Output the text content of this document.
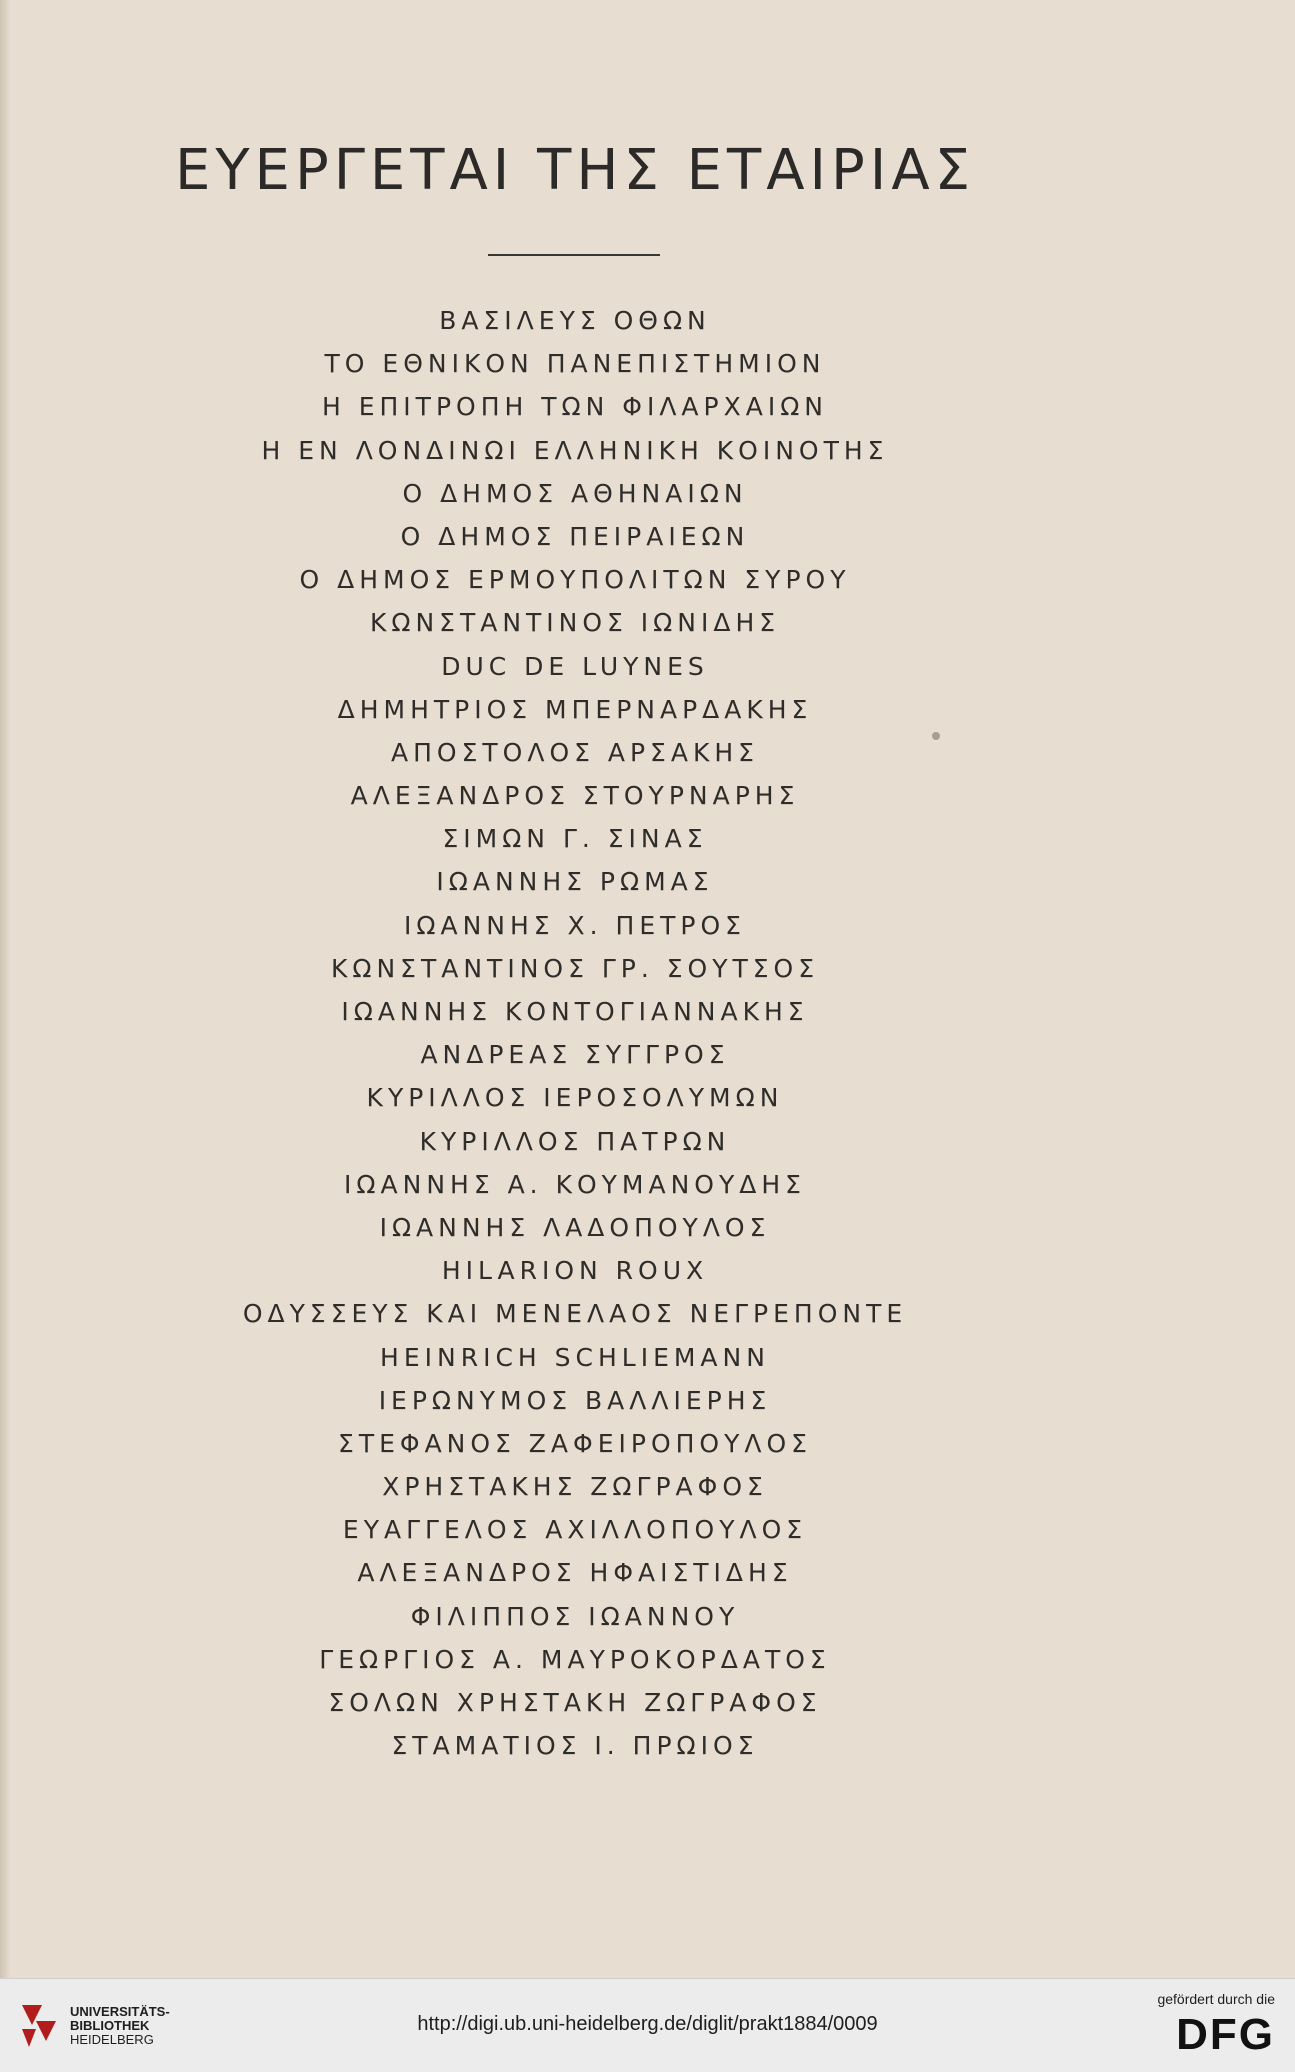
ΕΥΕΡΓΕΤΑΙ ΤΗΣ ΕΤΑΙΡΙΑΣ
ΒΑΣΙΛΕΥΣ ΟΘΩΝ
ΤΟ ΕΘΝΙΚΟΝ ΠΑΝΕΠΙΣΤΗΜΙΟΝ
Η ΕΠΙΤΡΟΠΗ ΤΩΝ ΦΙΛΑΡΧΑΙΩΝ
Η ΕΝ ΛΟΝΔΙΝΩΙ ΕΛΛΗΝΙΚΗ ΚΟΙΝΟΤΗΣ
Ο ΔΗΜΟΣ ΑΘΗΝΑΙΩΝ
Ο ΔΗΜΟΣ ΠΕΙΡΑΙΕΩΝ
Ο ΔΗΜΟΣ ΕΡΜΟΥΠΟΛΙΤΩΝ ΣΥΡΟΥ
ΚΩΝΣΤΑΝΤΙΝΟΣ ΙΩΝΙΔΗΣ
DUC DE LUYNES
ΔΗΜΗΤΡΙΟΣ ΜΠΕΡΝΑΡΔΑΚΗΣ
ΑΠΟΣΤΟΛΟΣ ΑΡΣΑΚΗΣ
ΑΛΕΞΑΝΔΡΟΣ ΣΤΟΥΡΝΑΡΗΣ
ΣΙΜΩΝ Γ. ΣΙΝΑΣ
ΙΩΑΝΝΗΣ ΡΩΜΑΣ
ΙΩΑΝΝΗΣ Χ. ΠΕΤΡΟΣ
ΚΩΝΣΤΑΝΤΙΝΟΣ ΓΡ. ΣΟΥΤΣΟΣ
ΙΩΑΝΝΗΣ ΚΟΝΤΟΓΙΑΝΝΑΚΗΣ
ΑΝΔΡΕΑΣ ΣΥΓΓΡΟΣ
ΚΥΡΙΛΛΟΣ ΙΕΡΟΣΟΛΥΜΩΝ
ΚΥΡΙΛΛΟΣ ΠΑΤΡΩΝ
ΙΩΑΝΝΗΣ Α. ΚΟΥΜΑΝΟΥΔΗΣ
ΙΩΑΝΝΗΣ ΛΑΔΟΠΟΥΛΟΣ
HILARION ROUX
ΟΔΥΣΣΕΥΣ ΚΑΙ ΜΕΝΕΛΑΟΣ ΝΕΓΡΕΠΟΝΤΕ
HEINRICH SCHLIEMANN
ΙΕΡΩΝΥΜΟΣ ΒΑΛΛΙΕΡΗΣ
ΣΤΕΦΑΝΟΣ ΖΑΦΕΙΡΟΠΟΥΛΟΣ
ΧΡΗΣΤΑΚΗΣ ΖΩΓΡΑΦΟΣ
ΕΥΑΓΓΕΛΟΣ ΑΧΙΛΛΟΠΟΥΛΟΣ
ΑΛΕΞΑΝΔΡΟΣ ΗΦΑΙΣΤΙΔΗΣ
ΦΙΛΙΠΠΟΣ ΙΩΑΝΝΟΥ
ΓΕΩΡΓΙΟΣ Α. ΜΑΥΡΟΚΟΡΔΑΤΟΣ
ΣΟΛΩΝ ΧΡΗΣΤΑΚΗ ΖΩΓΡΑΦΟΣ
ΣΤΑΜΑΤΙΟΣ Ι. ΠΡΩΙΟΣ
UNIVERSITÄTS-
BIBLIOTHEK
HEIDELBERG
http://digi.ub.uni-heidelberg.de/diglit/prakt1884/0009
gefördert durch die
DFG
